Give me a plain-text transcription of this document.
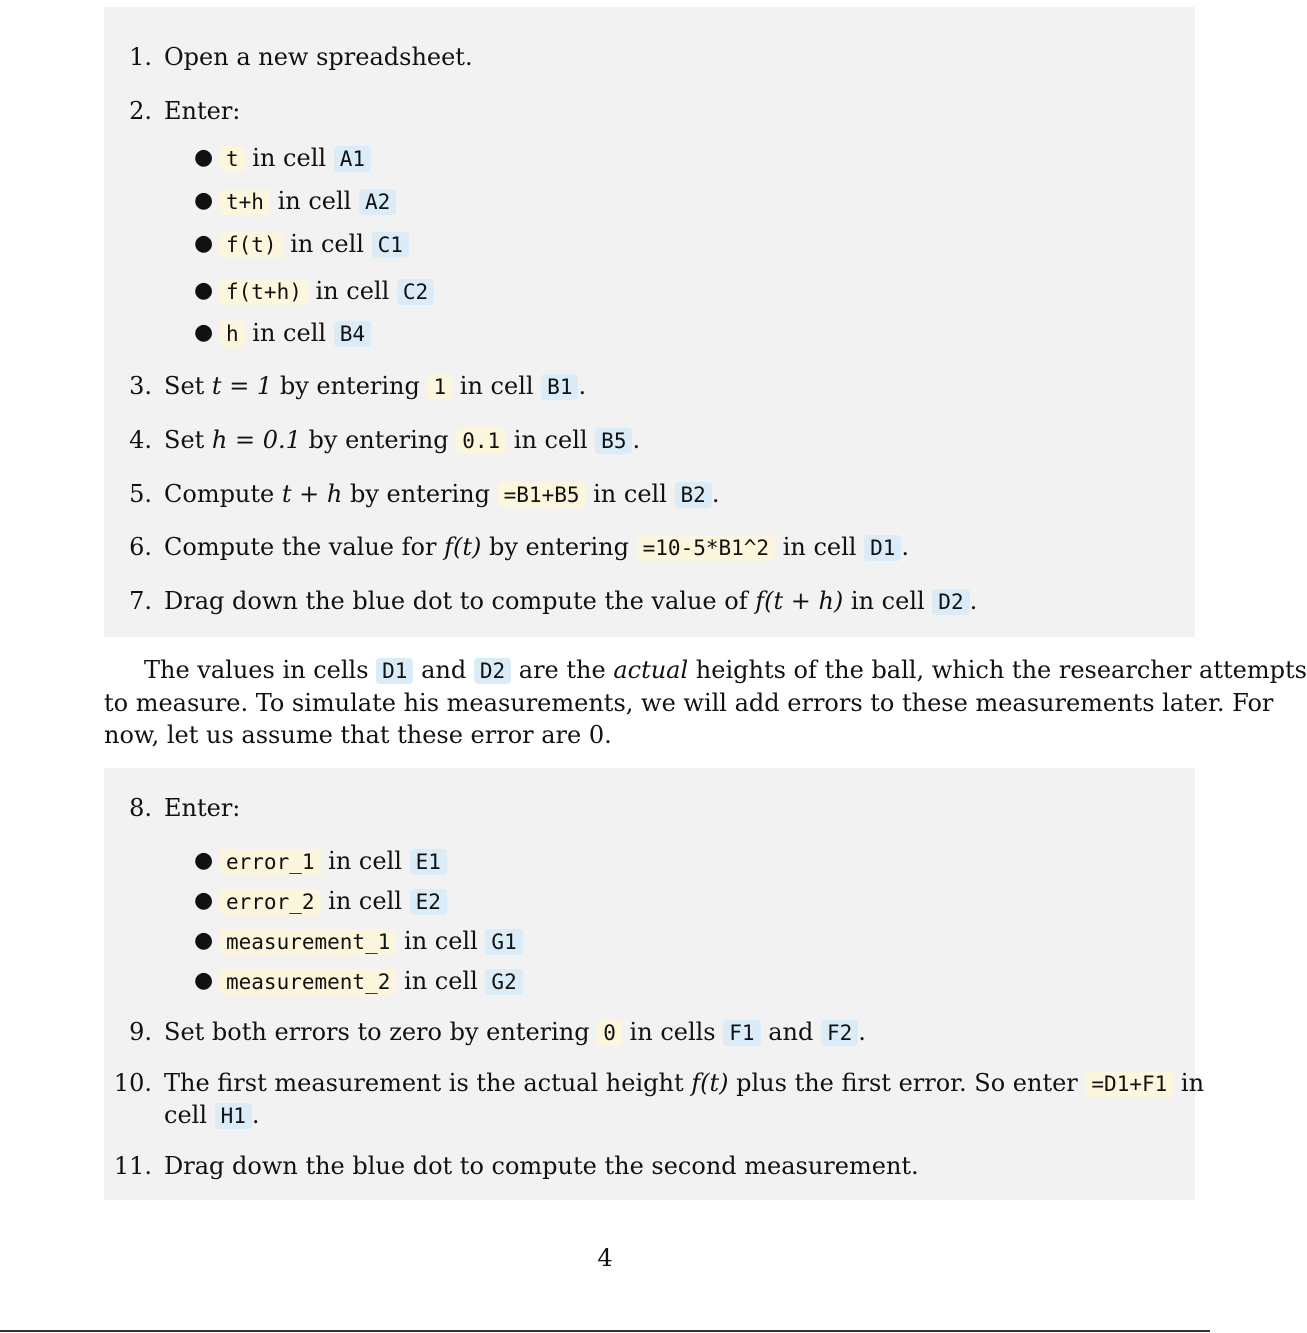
1. Open a new spreadsheet.
2. Enter:
● t in cell A1
● t+h in cell A2
● f(t) in cell C1
● f(t+h) in cell C2
● h in cell B4
3. Set t = 1 by entering 1 in cell B1 .
4. Set h = 0.1 by entering 0.1 in cell B5 .
5. Compute t + h by entering =B1+B5 in cell B2 .
6. Compute the value for f(t) by entering =10-5*B1^2 in cell D1 .
7. Drag down the blue dot to compute the value of f(t + h) in cell D2 .
The values in cells D1 and D2 are the actual heights of the ball, which the researcher attempts
to measure. To simulate his measurements, we will add errors to these measurements later. For
now, let us assume that these error are 0.
8. Enter:
● error_1 in cell E1
● error_2 in cell E2
● measurement_1 in cell G1
● measurement_2 in cell G2
9. Set both errors to zero by entering 0 in cells F1 and F2 .
10. The first measurement is the actual height f(t) plus the first error. So enter =D1+F1 in
cell H1 .
11. Drag down the blue dot to compute the second measurement.
4
